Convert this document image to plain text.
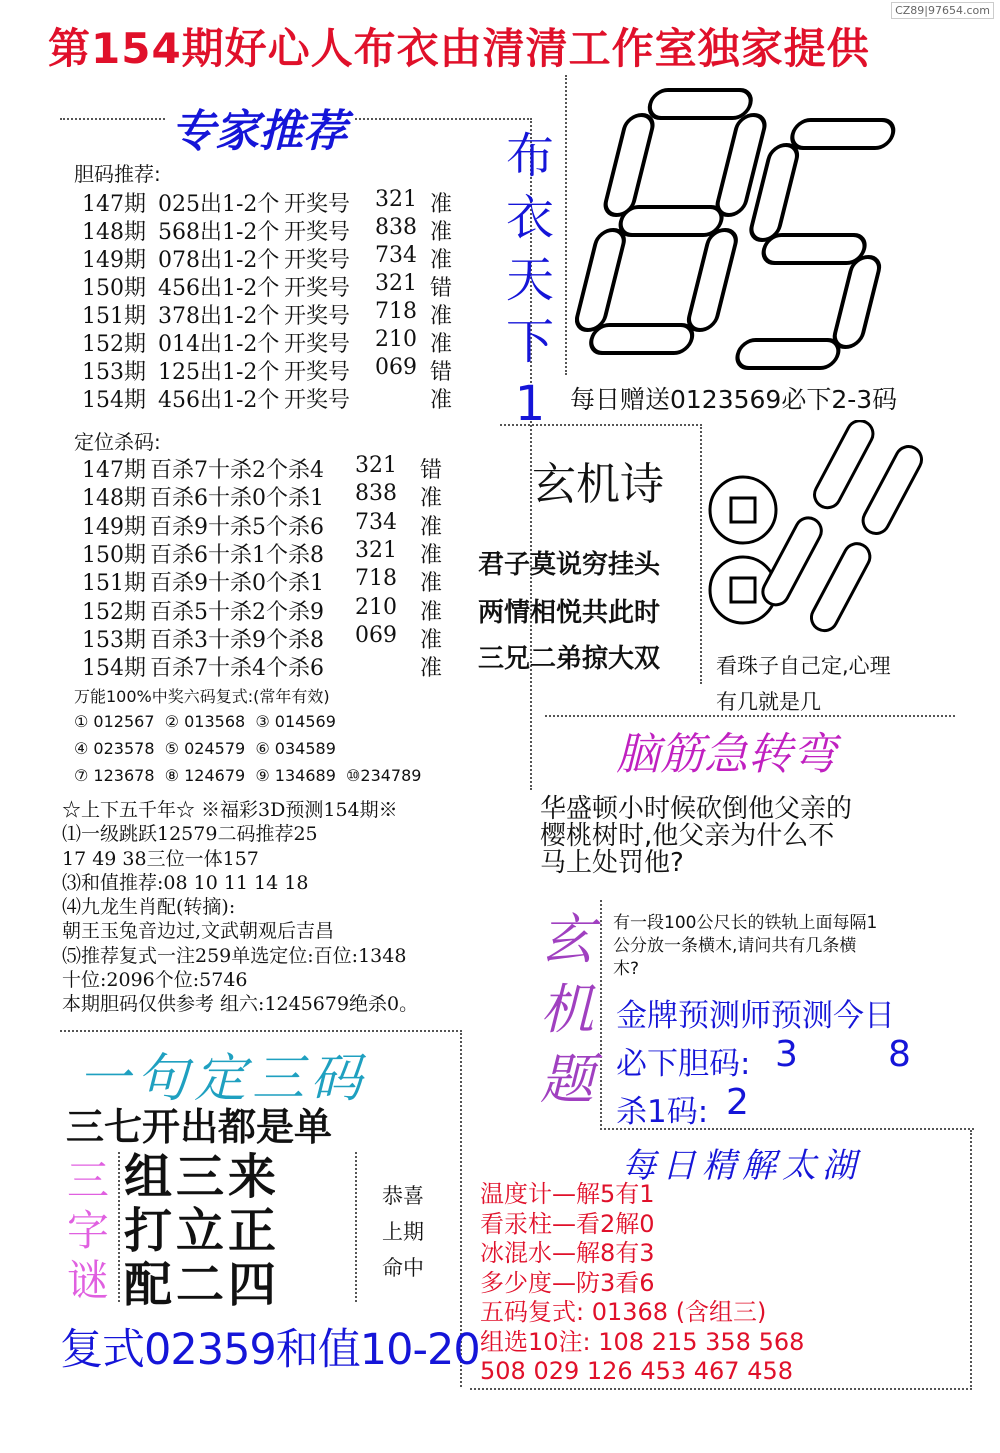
CZ89|97654.com
第154期好心人布衣由清清工作室独家提供
专家推荐
胆码推荐:
147期 025出1-2个 开奖号 321 准
148期 568出1-2个 开奖号 838 准
149期 078出1-2个 开奖号 734 准
150期 456出1-2个 开奖号 321 错
151期 378出1-2个 开奖号 718 准
152期 014出1-2个 开奖号 210 准
153期 125出1-2个 开奖号 069 错
154期 456出1-2个 开奖号	准
定位杀码:
147期 百杀7十杀2个杀4 321 错
148期 百杀6十杀0个杀1 838 准
149期 百杀9十杀5个杀6 734 准
150期 百杀6十杀1个杀8 321 准
151期 百杀9十杀0个杀1 718 准
152期 百杀5十杀2个杀9 210 准
153期 百杀3十杀9个杀8 069 准
154期 百杀7十杀4个杀6	准
万能100%中奖六码复式:(常年有效)
① 012567  ② 013568  ③ 014569
④ 023578  ⑤ 024579  ⑥ 034589
⑦ 123678  ⑧ 124679  ⑨ 134689  ⑩234789
布
衣
天
下
1 每日赠送0123569必下2-3码
玄机诗
君子莫说穷挂头
两情相悦共此时
三兄二弟掠大双	看珠子自己定,心理
有几就是几
脑筋急转弯
华盛顿小时候砍倒他父亲的
樱桃树时,他父亲为什么不
马上处罚他?
☆上下五千年☆ ※福彩3D预测154期※
⑴一级跳跃12579二码推荐25
17 49 38三位一体157
⑶和值推荐:08 10 11 14 18
⑷九龙生肖配(转摘):
朝王玉兔音边过,文武朝观后吉昌
⑸推荐复式一注259单选定位:百位:1348
十位:2096个位:5746
本期胆码仅供参考 组六:1245679绝杀0。
玄
机
题
有一段100公尺长的铁轨上面每隔1
公分放一条横木,请问共有几条横
木?
金牌预测师预测今日
必下胆码: 3	8
杀1码: 2
一句定三码
三七开出都是单
三
字
谜
组三来
打立正
配二四
恭喜
上期
命中
复式02359和值10-20
每日精解太湖
温度计—解5有1
看汞柱—看2解0
冰混水—解8有3
多少度—防3看6
五码复式: 01368 (含组三)
组选10注: 108 215 358 568
508 029 126 453 467 458
